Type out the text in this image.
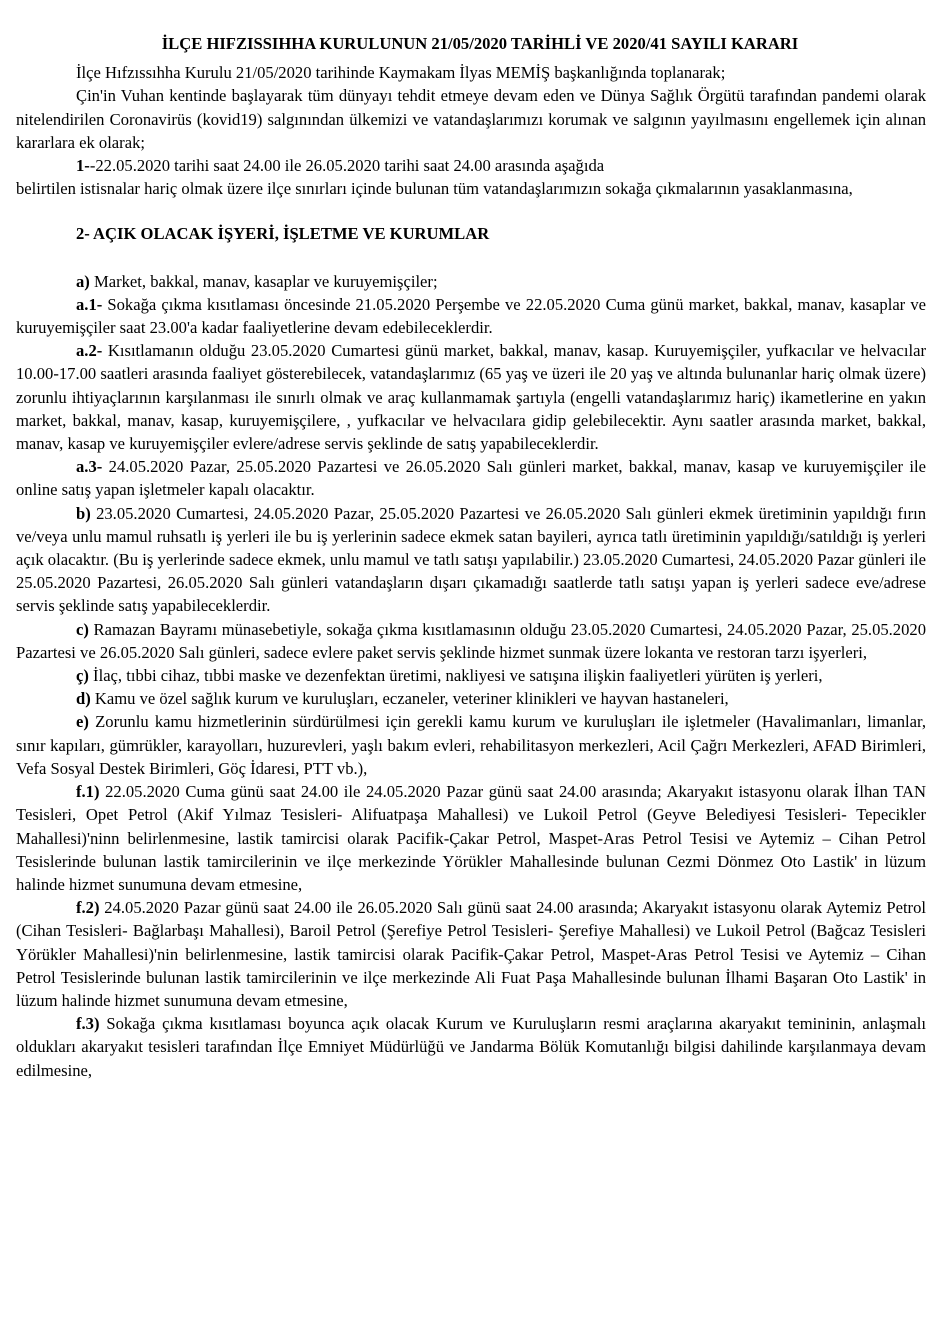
İLÇE HIFZISSIHHA KURULUNUN 21/05/2020 TARİHLİ VE 2020/41 SAYILI KARARI

İlçe Hıfzıssıhha Kurulu 21/05/2020 tarihinde Kaymakam İlyas MEMİŞ başkanlığında toplanarak;

Çin'in Vuhan kentinde başlayarak tüm dünyayı tehdit etmeye devam eden ve Dünya Sağlık Örgütü tarafından pandemi olarak nitelendirilen Coronavirüs (kovid19) salgınından ülkemizi ve vatandaşlarımızı korumak ve salgının yayılmasını engellemek için alınan kararlara ek olarak;

1--22.05.2020 tarihi saat 24.00 ile 26.05.2020 tarihi saat 24.00 arasında aşağıda

belirtilen istisnalar hariç olmak üzere ilçe sınırları içinde bulunan tüm vatandaşlarımızın sokağa çıkmalarının yasaklanmasına,

2- AÇIK OLACAK İŞYERİ, İŞLETME VE KURUMLAR

a) Market, bakkal, manav, kasaplar ve kuruyemişçiler;

a.1- Sokağa çıkma kısıtlaması öncesinde 21.05.2020 Perşembe ve 22.05.2020 Cuma günü market, bakkal, manav, kasaplar ve kuruyemişçiler saat 23.00'a kadar faaliyetlerine devam edebileceklerdir.

a.2- Kısıtlamanın olduğu 23.05.2020 Cumartesi günü market, bakkal, manav, kasap. Kuruyemişçiler, yufkacılar ve helvacılar 10.00-17.00 saatleri arasında faaliyet gösterebilecek, vatandaşlarımız (65 yaş ve üzeri ile 20 yaş ve altında bulunanlar hariç olmak üzere) zorunlu ihtiyaçlarının karşılanması ile sınırlı olmak ve araç kullanmamak şartıyla (engelli vatandaşlarımız hariç) ikametlerine en yakın market, bakkal, manav, kasap, kuruyemişçilere, , yufkacılar ve helvacılara gidip gelebilecektir. Aynı saatler arasında market, bakkal, manav, kasap ve kuruyemişçiler evlere/adrese servis şeklinde de satış yapabileceklerdir.

a.3- 24.05.2020 Pazar, 25.05.2020 Pazartesi ve 26.05.2020 Salı günleri market, bakkal, manav, kasap ve kuruyemişçiler ile online satış yapan işletmeler kapalı olacaktır.

b) 23.05.2020 Cumartesi, 24.05.2020 Pazar, 25.05.2020 Pazartesi ve 26.05.2020 Salı günleri ekmek üretiminin yapıldığı fırın ve/veya unlu mamul ruhsatlı iş yerleri ile bu iş yerlerinin sadece ekmek satan bayileri, ayrıca tatlı üretiminin yapıldığı/satıldığı iş yerleri açık olacaktır. (Bu iş yerlerinde sadece ekmek, unlu mamul ve tatlı satışı yapılabilir.) 23.05.2020 Cumartesi, 24.05.2020 Pazar günleri ile 25.05.2020 Pazartesi, 26.05.2020 Salı günleri vatandaşların dışarı çıkamadığı saatlerde tatlı satışı yapan iş yerleri sadece eve/adrese servis şeklinde satış yapabileceklerdir.

c) Ramazan Bayramı münasebetiyle, sokağa çıkma kısıtlamasının olduğu 23.05.2020 Cumartesi, 24.05.2020 Pazar, 25.05.2020 Pazartesi ve 26.05.2020 Salı günleri, sadece evlere paket servis şeklinde hizmet sunmak üzere lokanta ve restoran tarzı işyerleri,

ç) İlaç, tıbbi cihaz, tıbbi maske ve dezenfektan üretimi, nakliyesi ve satışına ilişkin faaliyetleri yürüten iş yerleri,

d) Kamu ve özel sağlık kurum ve kuruluşları, eczaneler, veteriner klinikleri ve hayvan hastaneleri,

e) Zorunlu kamu hizmetlerinin sürdürülmesi için gerekli kamu kurum ve kuruluşları ile işletmeler (Havalimanları, limanlar, sınır kapıları, gümrükler, karayolları, huzurevleri, yaşlı bakım evleri, rehabilitasyon merkezleri, Acil Çağrı Merkezleri, AFAD Birimleri, Vefa Sosyal Destek Birimleri, Göç İdaresi, PTT vb.),

f.1) 22.05.2020 Cuma günü saat 24.00 ile 24.05.2020 Pazar günü saat 24.00 arasında; Akaryakıt istasyonu olarak İlhan TAN Tesisleri, Opet Petrol (Akif Yılmaz Tesisleri- Alifuatpaşa Mahallesi) ve Lukoil Petrol (Geyve Belediyesi Tesisleri- Tepecikler Mahallesi)'ninn belirlenmesine, lastik tamircisi olarak Pacifik-Çakar Petrol, Maspet-Aras Petrol Tesisi ve Aytemiz – Cihan Petrol Tesislerinde bulunan lastik tamircilerinin ve ilçe merkezinde Yörükler Mahallesinde bulunan Cezmi Dönmez Oto Lastik' in lüzum halinde hizmet sunumuna devam etmesine,

f.2) 24.05.2020 Pazar günü saat 24.00 ile 26.05.2020 Salı günü saat 24.00 arasında; Akaryakıt istasyonu olarak Aytemiz Petrol (Cihan Tesisleri- Bağlarbaşı Mahallesi), Baroil Petrol (Şerefiye Petrol Tesisleri- Şerefiye Mahallesi) ve Lukoil Petrol (Bağcaz Tesisleri Yörükler Mahallesi)'nin belirlenmesine, lastik tamircisi olarak Pacifik-Çakar Petrol, Maspet-Aras Petrol Tesisi ve Aytemiz – Cihan Petrol Tesislerinde bulunan lastik tamircilerinin ve ilçe merkezinde Ali Fuat Paşa Mahallesinde bulunan İlhami Başaran Oto Lastik' in lüzum halinde hizmet sunumuna devam etmesine,

f.3) Sokağa çıkma kısıtlaması boyunca açık olacak Kurum ve Kuruluşların resmi araçlarına akaryakıt temininin, anlaşmalı oldukları akaryakıt tesisleri tarafından İlçe Emniyet Müdürlüğü ve Jandarma Bölük Komutanlığı bilgisi dahilinde karşılanmaya devam edilmesine,
